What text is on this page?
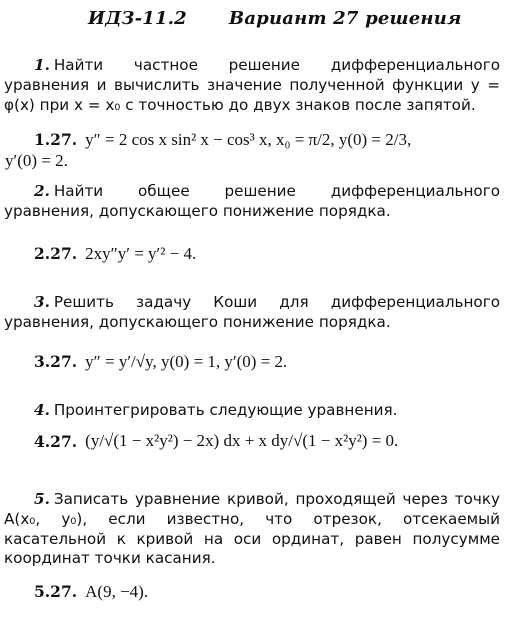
ИДЗ-11.2 Вариант 27 решения
1. Найти частное решение дифференциального уравнения и вычислить значение полученной функции y = φ(x) при x = x₀ с точностью до двух знаков после запятой.
1.27. y″ = 2 cos x sin² x − cos³ x, x₀ = π/2, y(0) = 2/3,
y′(0) = 2.
2. Найти общее решение дифференциального уравнения, допускающего понижение порядка.
2.27. 2xy″y′ = y′² − 4.
3. Решить задачу Коши для дифференциального уравнения, допускающего понижение порядка.
3.27. y″ = y′/√y, y(0) = 1, y′(0) = 2.
4. Проинтегрировать следующие уравнения.
4.27. (y/√(1 − x²y²) − 2x) dx + x dy/√(1 − x²y²) = 0.
5. Записать уравнение кривой, проходящей через точку A(x₀, y₀), если известно, что отрезок, отсекаемый касательной к кривой на оси ординат, равен полусумме координат точки касания.
5.27. A(9, −4).
